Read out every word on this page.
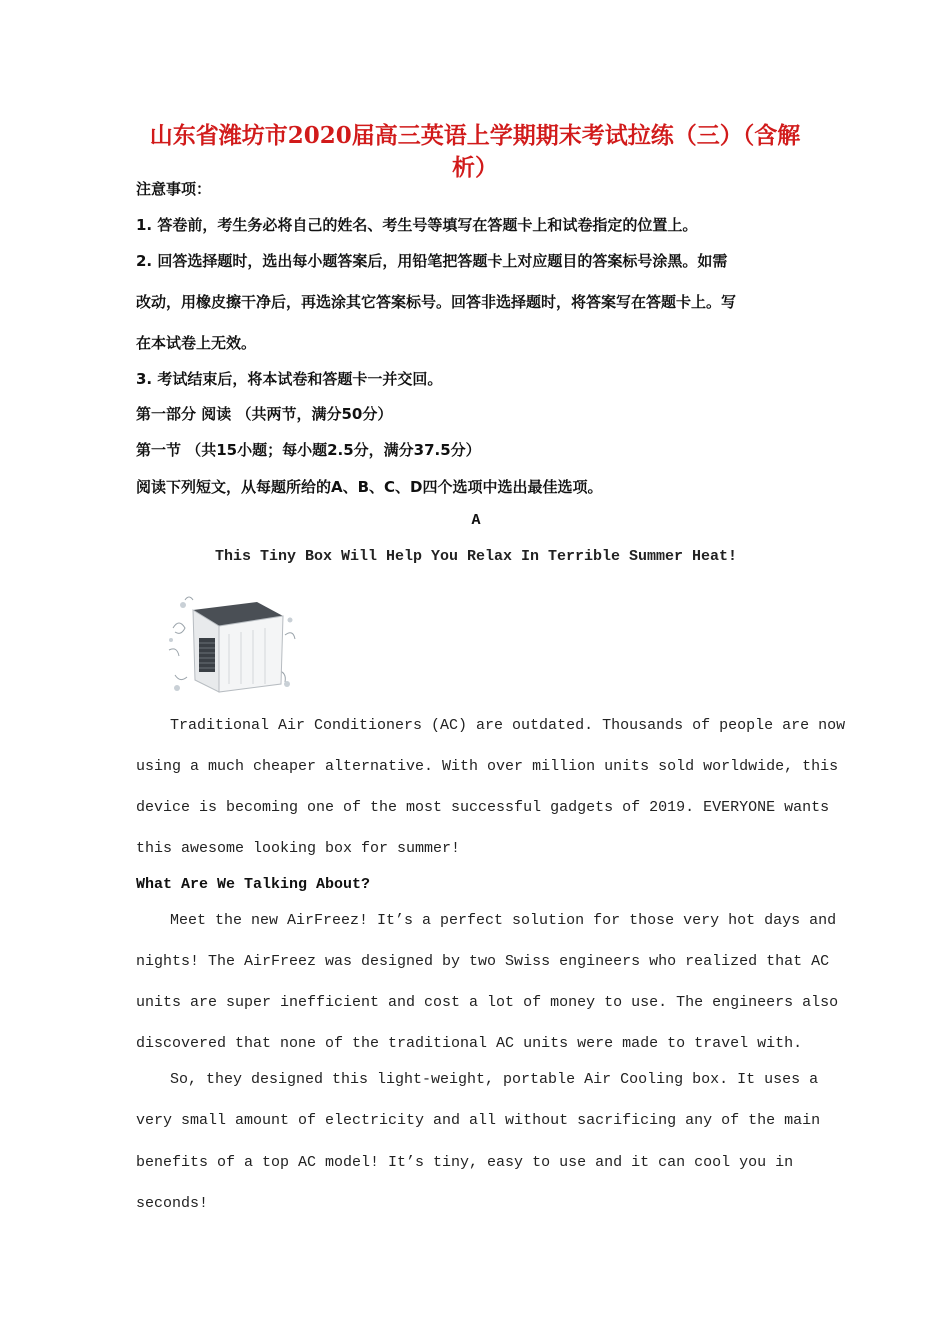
山东省潍坊市2020届高三英语上学期期末考试拉练（三）（含解析）
注意事项：
1. 答卷前，考生务必将自己的姓名、考生号等填写在答题卡上和试卷指定的位置上。
2. 回答选择题时，选出每小题答案后，用铅笔把答题卡上对应题目的答案标号涂黑。如需
改动，用橡皮擦干净后，再选涂其它答案标号。回答非选择题时，将答案写在答题卡上。写
在本试卷上无效。
3. 考试结束后，将本试卷和答题卡一并交回。
第一部分 阅读 （共两节，满分50分）
第一节 （共15小题；每小题2.5分，满分37.5分）
阅读下列短文，从每题所给的A、B、C、D四个选项中选出最佳选项。
A
This Tiny Box Will Help You Relax In Terrible Summer Heat!
Traditional Air Conditioners (AC) are outdated. Thousands of people are now
using a much cheaper alternative. With over million units sold worldwide, this
device is becoming one of the most successful gadgets of 2019. EVERYONE wants
this awesome looking box for summer!
What Are We Talking About?
Meet the new AirFreez! It’s a perfect solution for those very hot days and
nights! The AirFreez was designed by two Swiss engineers who realized that AC
units are super inefficient and cost a lot of money to use. The engineers also
discovered that none of the traditional AC units were made to travel with.
So, they designed this light-weight, portable Air Cooling box. It uses a
very small amount of electricity and all without sacrificing any of the main
benefits of a top AC model! It’s tiny, easy to use and it can cool you in
seconds!
